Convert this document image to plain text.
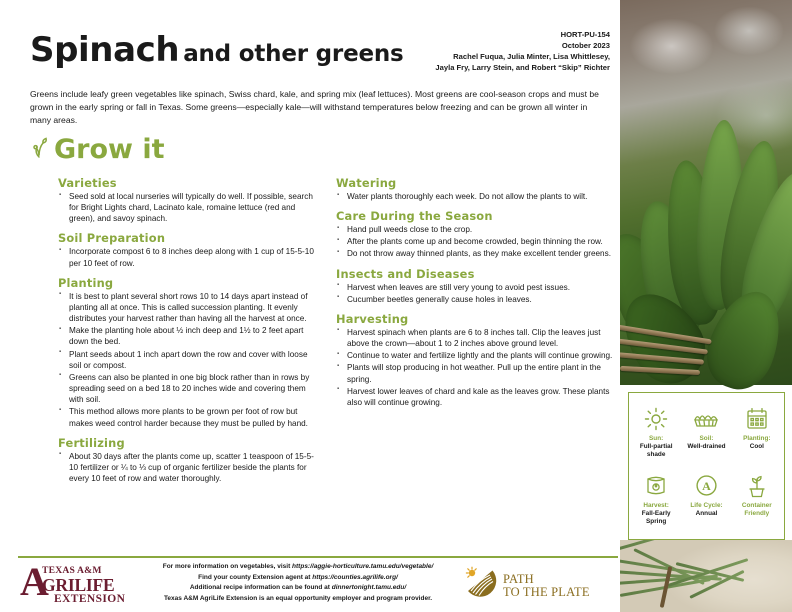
Sun:
Full-partial shade
Soil:
Well-drained
Planting:
Cool
Harvest:
Fall-Early Spring
A
Life Cycle:
Annual
Container Friendly
Spinach and other greens
HORT-PU-154
October 2023
Rachel Fuqua, Julia Minter, Lisa Whittlesey,
Jayla Fry, Larry Stein, and Robert “Skip” Richter
Greens include leafy green vegetables like spinach, Swiss chard, kale, and spring mix (leaf lettuces). Most greens are cool-season crops and must be grown in the early spring or fall in Texas. Some greens—especially kale—will withstand temperatures below freezing and can be grown all winter in many areas.
Grow it
Varieties
▪ Seed sold at local nurseries will typically do well. If possible, search for Bright Lights chard, Lacinato kale, romaine lettuce (red and green), and savoy spinach.
Soil Preparation
▪ Incorporate compost 6 to 8 inches deep along with 1 cup of 15-5-10 per 10 feet of row.
Planting
▪ It is best to plant several short rows 10 to 14 days apart instead of planting all at once. This is called succession planting. It evenly distributes your harvest rather than having all the harvest at once.
▪ Make the planting hole about ½ inch deep and 1½ to 2 feet apart down the bed.
▪ Plant seeds about 1 inch apart down the row and cover with loose soil or compost.
▪ Greens can also be planted in one big block rather than in rows by spreading seed on a bed 18 to 20 inches wide and covering them with soil.
▪ This method allows more plants to be grown per foot of row but makes weed control harder because they must be pulled by hand.
Fertilizing
▪ About 30 days after the plants come up, scatter 1 teaspoon of 15-5-10 fertilizer or ¼ to ⅓ cup of organic fertilizer beside the plants for every 10 feet of row and water thoroughly.
Watering
▪ Water plants thoroughly each week. Do not allow the plants to wilt.
Care During the Season
▪ Hand pull weeds close to the crop.
▪ After the plants come up and become crowded, begin thinning the row.
▪ Do not throw away thinned plants, as they make excellent tender greens.
Insects and Diseases
▪ Harvest when leaves are still very young to avoid pest issues.
▪ Cucumber beetles generally cause holes in leaves.
Harvesting
▪ Harvest spinach when plants are 6 to 8 inches tall. Clip the leaves just above the crown—about 1 to 2 inches above ground level.
▪ Continue to water and fertilize lightly and the plants will continue growing.
▪ Plants will stop producing in hot weather. Pull up the entire plant in the spring.
▪ Harvest lower leaves of chard and kale as the leaves grow. These plants also will continue growing.
A
TEXAS A&M
GRILIFE
EXTENSION
For more information on vegetables, visit https://aggie-horticulture.tamu.edu/vegetable/
Find your county Extension agent at https://counties.agrilife.org/
Additional recipe information can be found at dinnertonight.tamu.edu/
Texas A&M AgriLife Extension is an equal opportunity employer and program provider.
PATH
TO THE PLATE
